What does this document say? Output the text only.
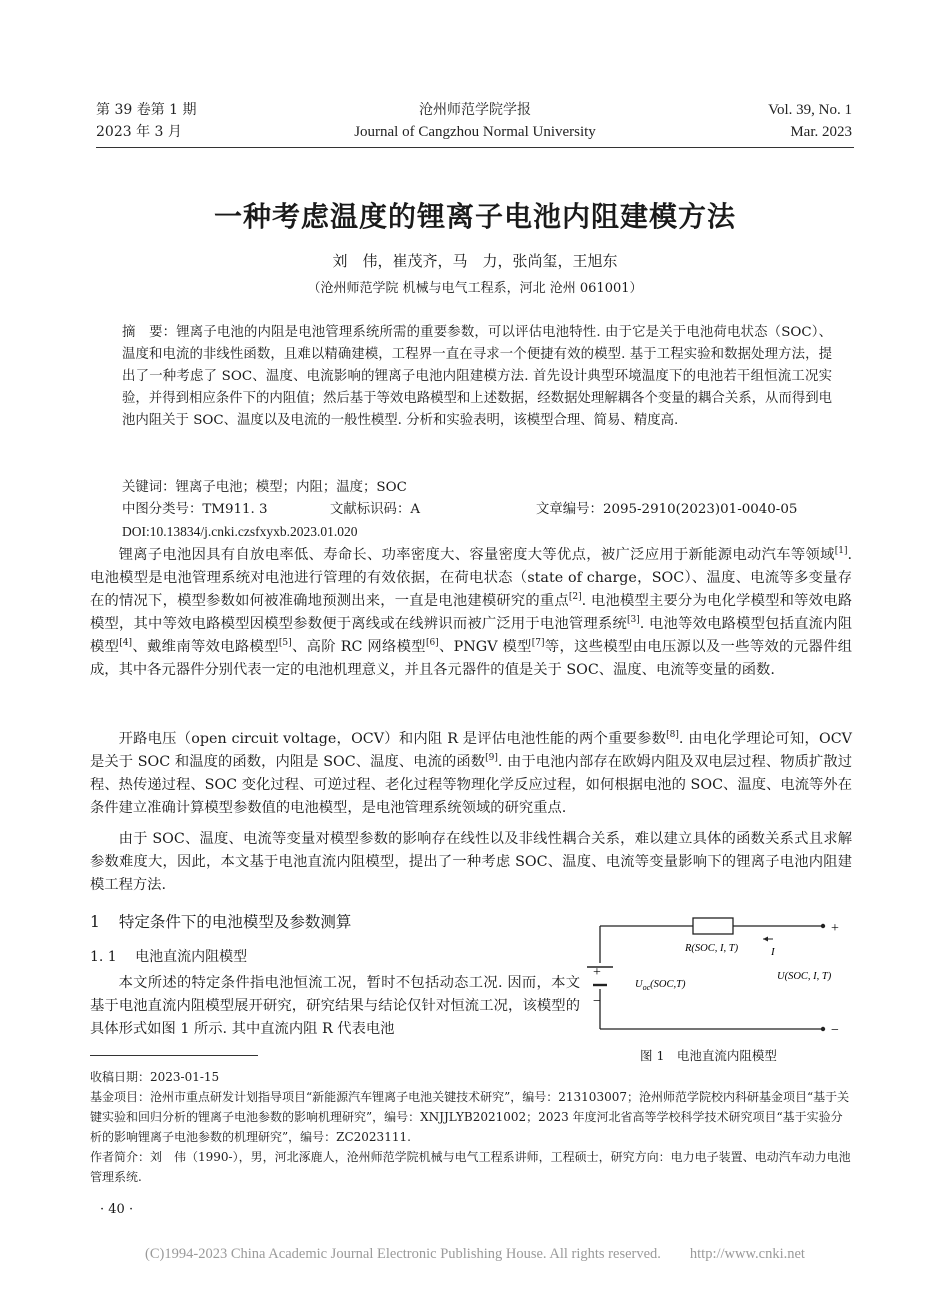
第 39 卷第 1 期
2023 年 3 月
沧州师范学院学报
Journal of Cangzhou Normal University
Vol. 39, No. 1
Mar. 2023
一种考虑温度的锂离子电池内阻建模方法
刘　伟，崔茂齐，马　力，张尚玺，王旭东
（沧州师范学院 机械与电气工程系，河北 沧州 061001）
摘　要：锂离子电池的内阻是电池管理系统所需的重要参数，可以评估电池特性. 由于它是关于电池荷电状态（SOC）、温度和电流的非线性函数，且难以精确建模，工程界一直在寻求一个便捷有效的模型. 基于工程实验和数据处理方法，提出了一种考虑了 SOC、温度、电流影响的锂离子电池内阻建模方法. 首先设计典型环境温度下的电池若干组恒流工况实验，并得到相应条件下的内阻值；然后基于等效电路模型和上述数据，经数据处理解耦各个变量的耦合关系，从而得到电池内阻关于 SOC、温度以及电流的一般性模型. 分析和实验表明，该模型合理、简易、精度高.
关键词：锂离子电池；模型；内阻；温度；SOC
中图分类号：TM911. 3	文献标识码：A	文章编号：2095-2910(2023)01-0040-05
DOI:10.13834/j.cnki.czsfxyxb.2023.01.020
锂离子电池因具有自放电率低、寿命长、功率密度大、容量密度大等优点，被广泛应用于新能源电动汽车等领域[1]. 电池模型是电池管理系统对电池进行管理的有效依据，在荷电状态（state of charge，SOC）、温度、电流等多变量存在的情况下，模型参数如何被准确地预测出来，一直是电池建模研究的重点[2]. 电池模型主要分为电化学模型和等效电路模型，其中等效电路模型因模型参数便于离线或在线辨识而被广泛用于电池管理系统[3]. 电池等效电路模型包括直流内阻模型[4]、戴维南等效电路模型[5]、高阶 RC 网络模型[6]、PNGV 模型[7]等，这些模型由电压源以及一些等效的元器件组成，其中各元器件分别代表一定的电池机理意义，并且各元器件的值是关于 SOC、温度、电流等变量的函数.
开路电压（open circuit voltage，OCV）和内阻 R 是评估电池性能的两个重要参数[8]. 由电化学理论可知，OCV 是关于 SOC 和温度的函数，内阻是 SOC、温度、电流的函数[9]. 由于电池内部存在欧姆内阻及双电层过程、物质扩散过程、热传递过程、SOC 变化过程、可逆过程、老化过程等物理化学反应过程，如何根据电池的 SOC、温度、电流等外在条件建立准确计算模型参数值的电池模型，是电池管理系统领域的研究重点.
由于 SOC、温度、电流等变量对模型参数的影响存在线性以及非线性耦合关系，难以建立具体的函数关系式且求解参数难度大，因此，本文基于电池直流内阻模型，提出了一种考虑 SOC、温度、电流等变量影响下的锂离子电池内阻建模工程方法.
1 特定条件下的电池模型及参数测算
1. 1 电池直流内阻模型
本文所述的特定条件指电池恒流工况，暂时不包括动态工况. 因而，本文基于电池直流内阻模型展开研究，研究结果与结论仅针对恒流工况，该模型的具体形式如图 1 所示. 其中直流内阻 R 代表电池
R(SOC, I, T)	I
+
−
$U_{oc}(SOC,T)$
U(SOC, I, T)
+
−
图 1　电池直流内阻模型
收稿日期：2023-01-15
基金项目：沧州市重点研发计划指导项目“新能源汽车锂离子电池关键技术研究”，编号：213103007；沧州师范学院校内科研基金项目“基于关键实验和回归分析的锂离子电池参数的影响机理研究”，编号：XNJJLYB2021002；2023 年度河北省高等学校科学技术研究项目“基于实验分析的影响锂离子电池参数的机理研究”，编号：ZC2023111.
作者简介：刘　伟（1990-），男，河北涿鹿人，沧州师范学院机械与电气工程系讲师，工程硕士，研究方向：电力电子装置、电动汽车动力电池管理系统.
· 40 ·
(C)1994-2023 China Academic Journal Electronic Publishing House. All rights reserved.　　http://www.cnki.net
